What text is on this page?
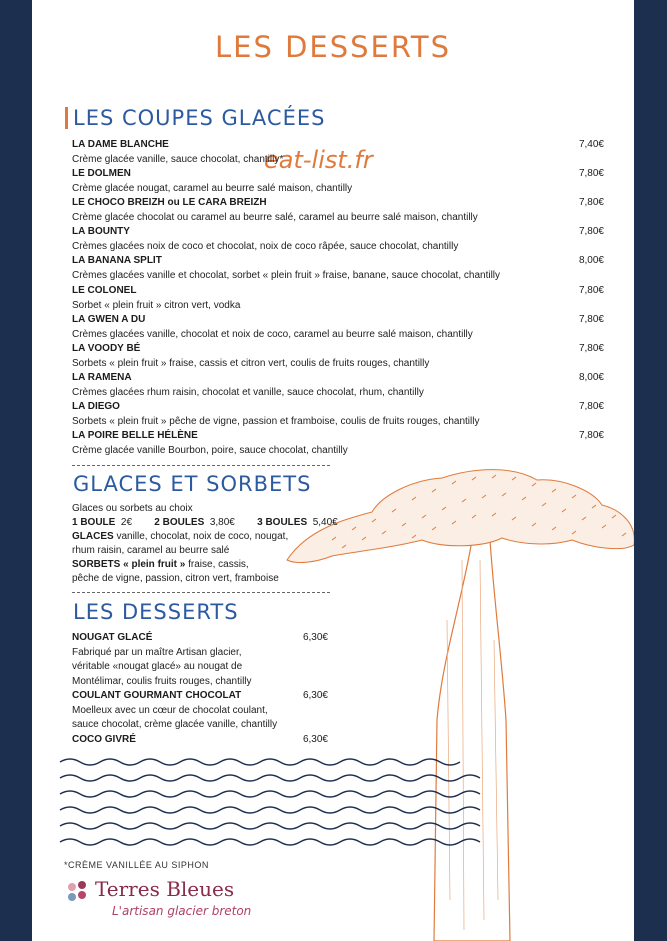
LES DESSERTS
LES COUPES GLACÉES
eat-list.fr
LA DAME BLANCHE	7,40€
Crème glacée vanille, sauce chocolat, chantilly*
LE DOLMEN	7,80€
Crème glacée nougat, caramel au beurre salé maison, chantilly
LE CHOCO BREIZH ou LE CARA BREIZH	7,80€
Crème glacée chocolat ou caramel au beurre salé, caramel au beurre salé maison, chantilly
LA BOUNTY	7,80€
Crèmes glacées noix de coco et chocolat, noix de coco râpée, sauce chocolat, chantilly
LA BANANA SPLIT	8,00€
Crèmes glacées vanille et chocolat, sorbet « plein fruit » fraise, banane, sauce chocolat, chantilly
LE COLONEL	7,80€
Sorbet « plein fruit » citron vert, vodka
LA GWEN A DU	7,80€
Crèmes glacées vanille, chocolat et noix de coco, caramel au beurre salé maison, chantilly
LA VOODY BÉ	7,80€
Sorbets « plein fruit » fraise, cassis et citron vert, coulis de fruits rouges, chantilly
LA RAMENA	8,00€
Crèmes glacées rhum raisin, chocolat et vanille, sauce chocolat, rhum, chantilly
LA DIEGO	7,80€
Sorbets « plein fruit » pêche de vigne, passion et framboise, coulis de fruits rouges, chantilly
LA POIRE BELLE HÉLÈNE	7,80€
Crème glacée vanille Bourbon, poire, sauce chocolat, chantilly
GLACES ET SORBETS
Glaces ou sorbets au choix
1 BOULE 2€ 2 BOULES 3,80€ 3 BOULES 5,40€
GLACES vanille, chocolat, noix de coco, nougat,
rhum raisin, caramel au beurre salé
SORBETS « plein fruit » fraise, cassis,
pêche de vigne, passion, citron vert, framboise
LES DESSERTS
NOUGAT GLACÉ	6,30€
Fabriqué par un maître Artisan glacier,
véritable «nougat glacé» au nougat de
Montélimar, coulis fruits rouges, chantilly
COULANT GOURMANT CHOCOLAT	6,30€
Moelleux avec un cœur de chocolat coulant,
sauce chocolat, crème glacée vanille, chantilly
COCO GIVRÉ	6,30€
*CRÈME VANILLÉE AU SIPHON
Terres Bleues
L'artisan glacier breton
